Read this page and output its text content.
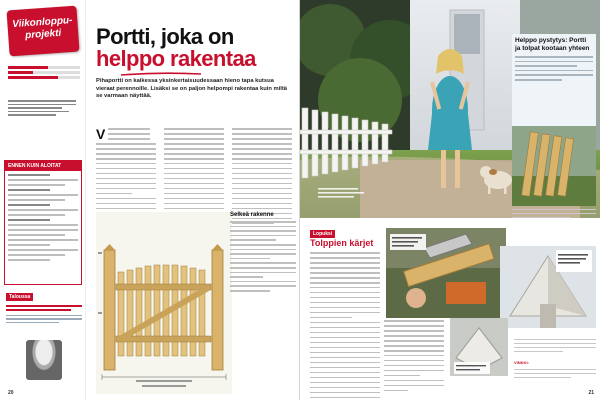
Viikonloppu-projekti
ENNEN KUIN ALOITAT
Taloussa
20
Portti, joka on
helppo rakentaa
Pihaportti on kaikessa yksinkertaisuudessaan hieno tapa kutsua vieraat perennoille. Lisäksi se on paljon helpompi rakentaa kuin miltä se varmaan näyttää.
V
Selkeä rakenne
Helppo pystytys: Portti ja tolpat kootaan yhteen
Lopuksi
Tolppien kärjet
VINKKI:
21
